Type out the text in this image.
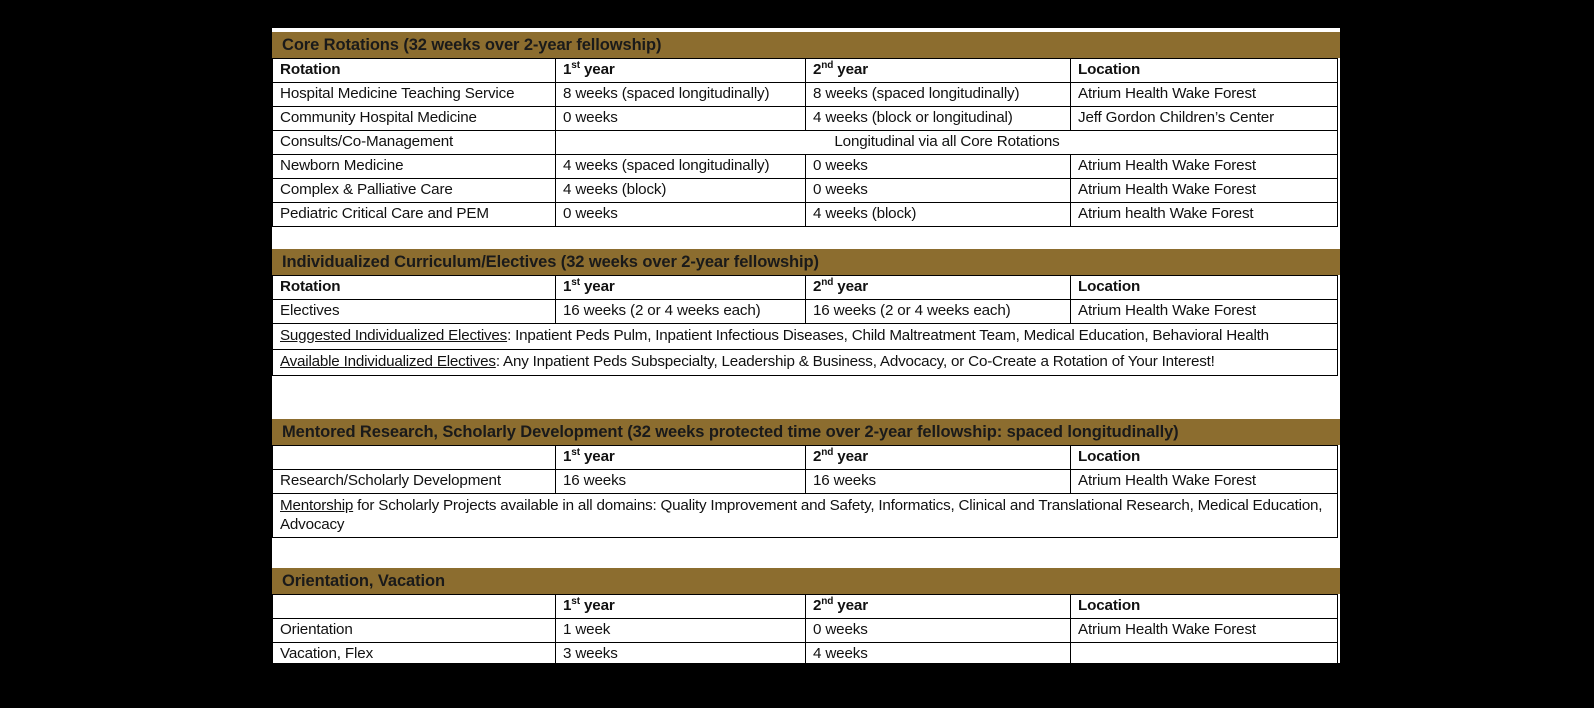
Core Rotations (32 weeks over 2-year fellowship)
Rotation	1st year	2nd year	Location
Hospital Medicine Teaching Service	8 weeks (spaced longitudinally)	8 weeks (spaced longitudinally)	Atrium Health Wake Forest
Community Hospital Medicine	0 weeks	4 weeks (block or longitudinal)	Jeff Gordon Children’s Center
Consults/Co-Management	Longitudinal via all Core Rotations		
Newborn Medicine	4 weeks (spaced longitudinally)	0 weeks	Atrium Health Wake Forest
Complex & Palliative Care	4 weeks (block)	0 weeks	Atrium Health Wake Forest
Pediatric Critical Care and PEM	0 weeks	4 weeks (block)	Atrium health Wake Forest
Individualized Curriculum/Electives (32 weeks over 2-year fellowship)
Rotation	1st year	2nd year	Location
Electives	16 weeks (2 or 4 weeks each)	16 weeks (2 or 4 weeks each)	Atrium Health Wake Forest
Suggested Individualized Electives: Inpatient Peds Pulm, Inpatient Infectious Diseases, Child Maltreatment Team, Medical Education, Behavioral Health			
Available Individualized Electives: Any Inpatient Peds Subspecialty, Leadership & Business, Advocacy, or Co-Create a Rotation of Your Interest!			
Mentored Research, Scholarly Development (32 weeks protected time over 2-year fellowship: spaced longitudinally)
	1st year	2nd year	Location
Research/Scholarly Development	16 weeks	16 weeks	Atrium Health Wake Forest
Mentorship for Scholarly Projects available in all domains: Quality Improvement and Safety, Informatics, Clinical and Translational Research, Medical Education, Advocacy			
Orientation, Vacation
	1st year	2nd year	Location
Orientation	1 week	0 weeks	Atrium Health Wake Forest
Vacation, Flex	3 weeks	4 weeks	
